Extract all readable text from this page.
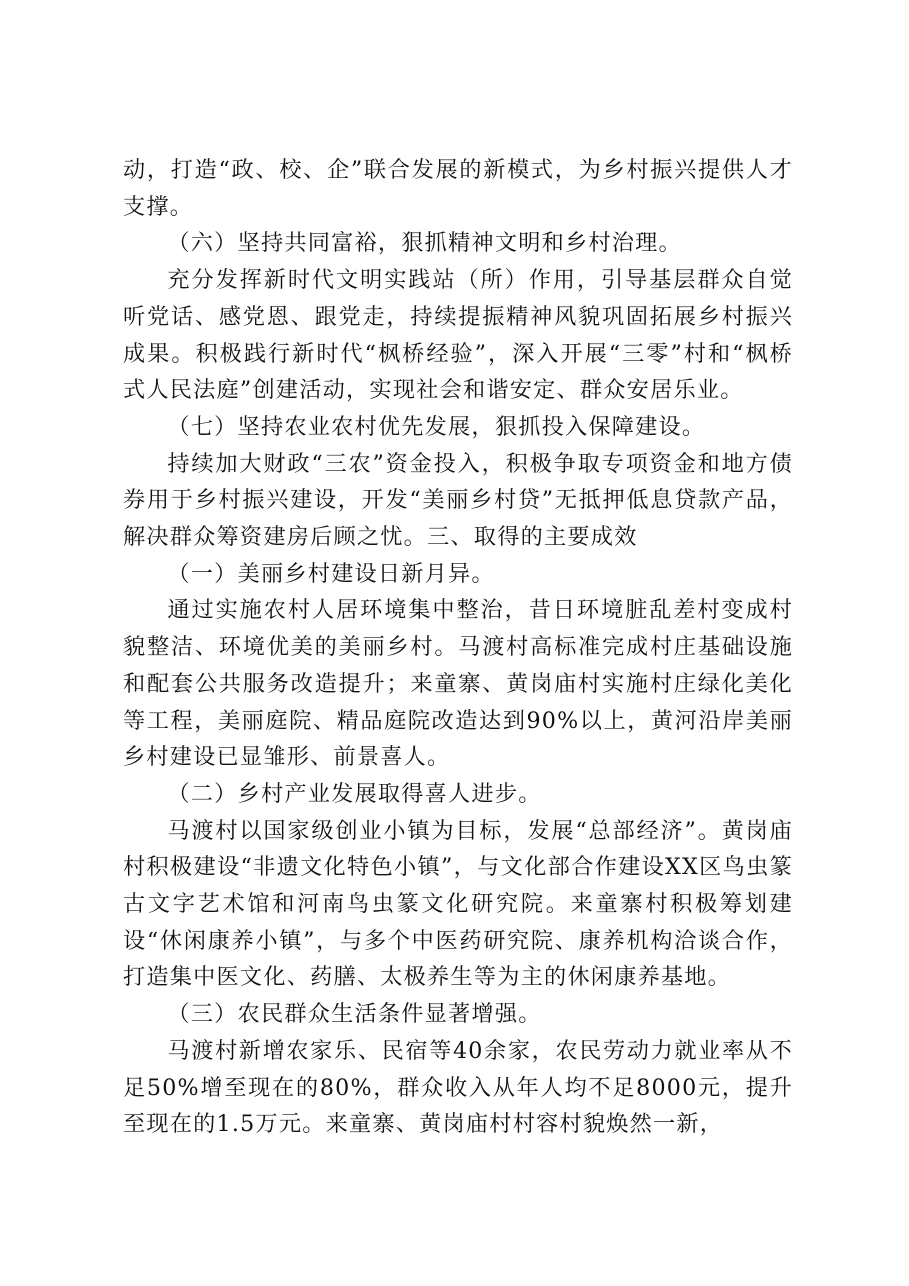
动，打造“政、校、企”联合发展的新模式，为乡村振兴提供人才支撑。

（六）坚持共同富裕，狠抓精神文明和乡村治理。

充分发挥新时代文明实践站（所）作用，引导基层群众自觉听党话、感党恩、跟党走，持续提振精神风貌巩固拓展乡村振兴成果。积极践行新时代“枫桥经验”，深入开展“三零”村和“枫桥式人民法庭”创建活动，实现社会和谐安定、群众安居乐业。

（七）坚持农业农村优先发展，狠抓投入保障建设。

持续加大财政“三农”资金投入，积极争取专项资金和地方债券用于乡村振兴建设，开发“美丽乡村贷”无抵押低息贷款产品，解决群众筹资建房后顾之忧。三、取得的主要成效

（一）美丽乡村建设日新月异。

通过实施农村人居环境集中整治，昔日环境脏乱差村变成村貌整洁、环境优美的美丽乡村。马渡村高标准完成村庄基础设施和配套公共服务改造提升；来童寨、黄岗庙村实施村庄绿化美化等工程，美丽庭院、精品庭院改造达到90%以上，黄河沿岸美丽乡村建设已显雏形、前景喜人。

（二）乡村产业发展取得喜人进步。

马渡村以国家级创业小镇为目标，发展“总部经济”。黄岗庙村积极建设“非遗文化特色小镇”，与文化部合作建设XX区鸟虫篆古文字艺术馆和河南鸟虫篆文化研究院。来童寨村积极筹划建设“休闲康养小镇”，与多个中医药研究院、康养机构洽谈合作，打造集中医文化、药膳、太极养生等为主的休闲康养基地。

（三）农民群众生活条件显著增强。

马渡村新增农家乐、民宿等40余家，农民劳动力就业率从不足50%增至现在的80%，群众收入从年人均不足8000元，提升至现在的1.5万元。来童寨、黄岗庙村村容村貌焕然一新，
